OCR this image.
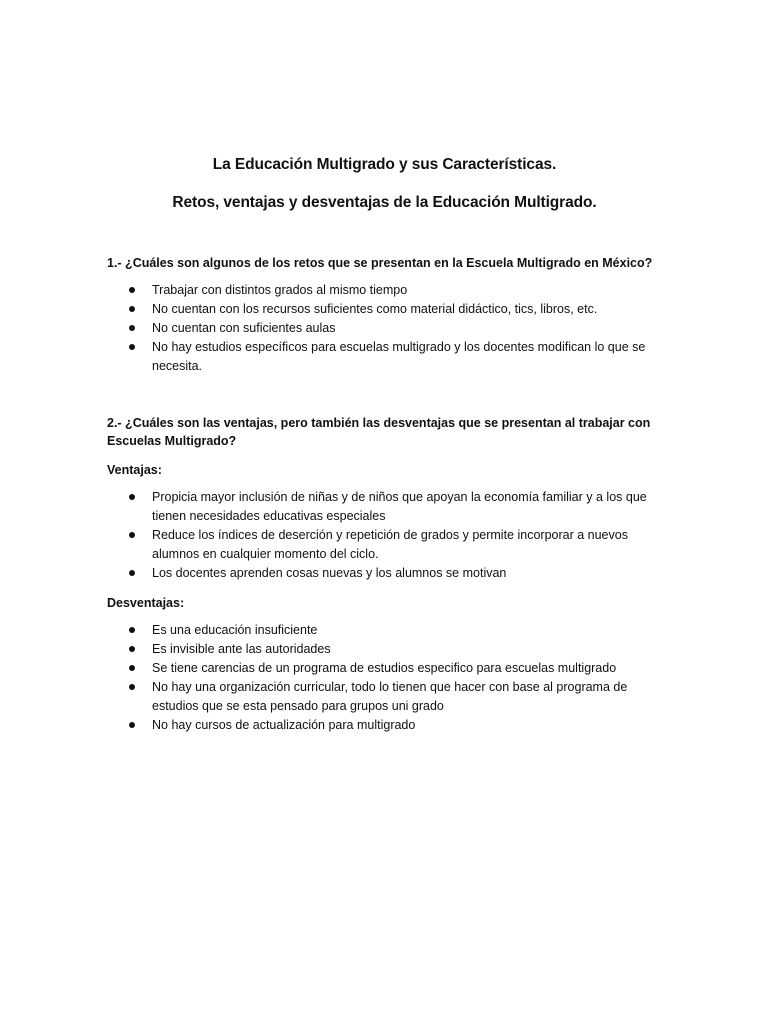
La Educación Multigrado y sus Características.

Retos, ventajas y desventajas de la Educación Multigrado.

1.- ¿Cuáles son algunos de los retos que se presentan en la Escuela Multigrado en México?

Trabajar con distintos grados al mismo tiempo
No cuentan con los recursos suficientes como material didáctico, tics, libros, etc.
No cuentan con suficientes aulas
No hay estudios específicos para escuelas multigrado y los docentes modifican lo que se necesita.

2.- ¿Cuáles son las ventajas, pero también las desventajas que se presentan al trabajar con Escuelas Multigrado?

Ventajas:

Propicia mayor inclusión de niñas y de niños que apoyan la economía familiar y a los que tienen necesidades educativas especiales
Reduce los índices de deserción y repetición de grados y permite incorporar a nuevos alumnos en cualquier momento del ciclo.
Los docentes aprenden cosas nuevas y los alumnos se motivan

Desventajas:

Es una educación insuficiente
Es invisible ante las autoridades
Se tiene carencias de un programa de estudios especifico para escuelas multigrado
No hay una organización curricular, todo lo tienen que hacer con base al programa de estudios que se esta pensado para grupos uni grado
No hay cursos de actualización para multigrado
